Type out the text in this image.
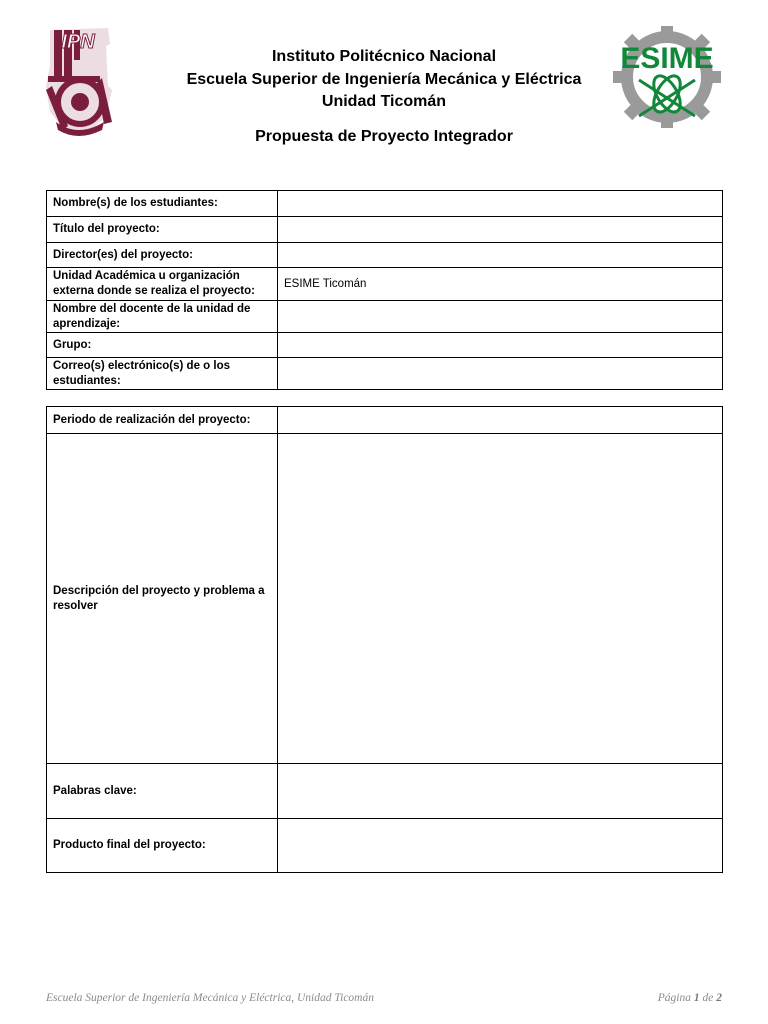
IPN	ESIME
Instituto Politécnico Nacional
Escuela Superior de Ingeniería Mecánica y Eléctrica
Unidad Ticomán
Propuesta de Proyecto Integrador
Nombre(s) de los estudiantes:	
Título del proyecto:	
Director(es) del proyecto:	
Unidad Académica u organización externa donde se realiza el proyecto:	ESIME Ticomán
Nombre del docente de la unidad de aprendizaje:	
Grupo:	
Correo(s) electrónico(s) de o los estudiantes:	
Periodo de realización del proyecto:	
Descripción del proyecto y problema a resolver	
Palabras clave:	
Producto final del proyecto:	
Escuela Superior de Ingeniería Mecánica y Eléctrica, Unidad Ticomán	Página 1 de 2
